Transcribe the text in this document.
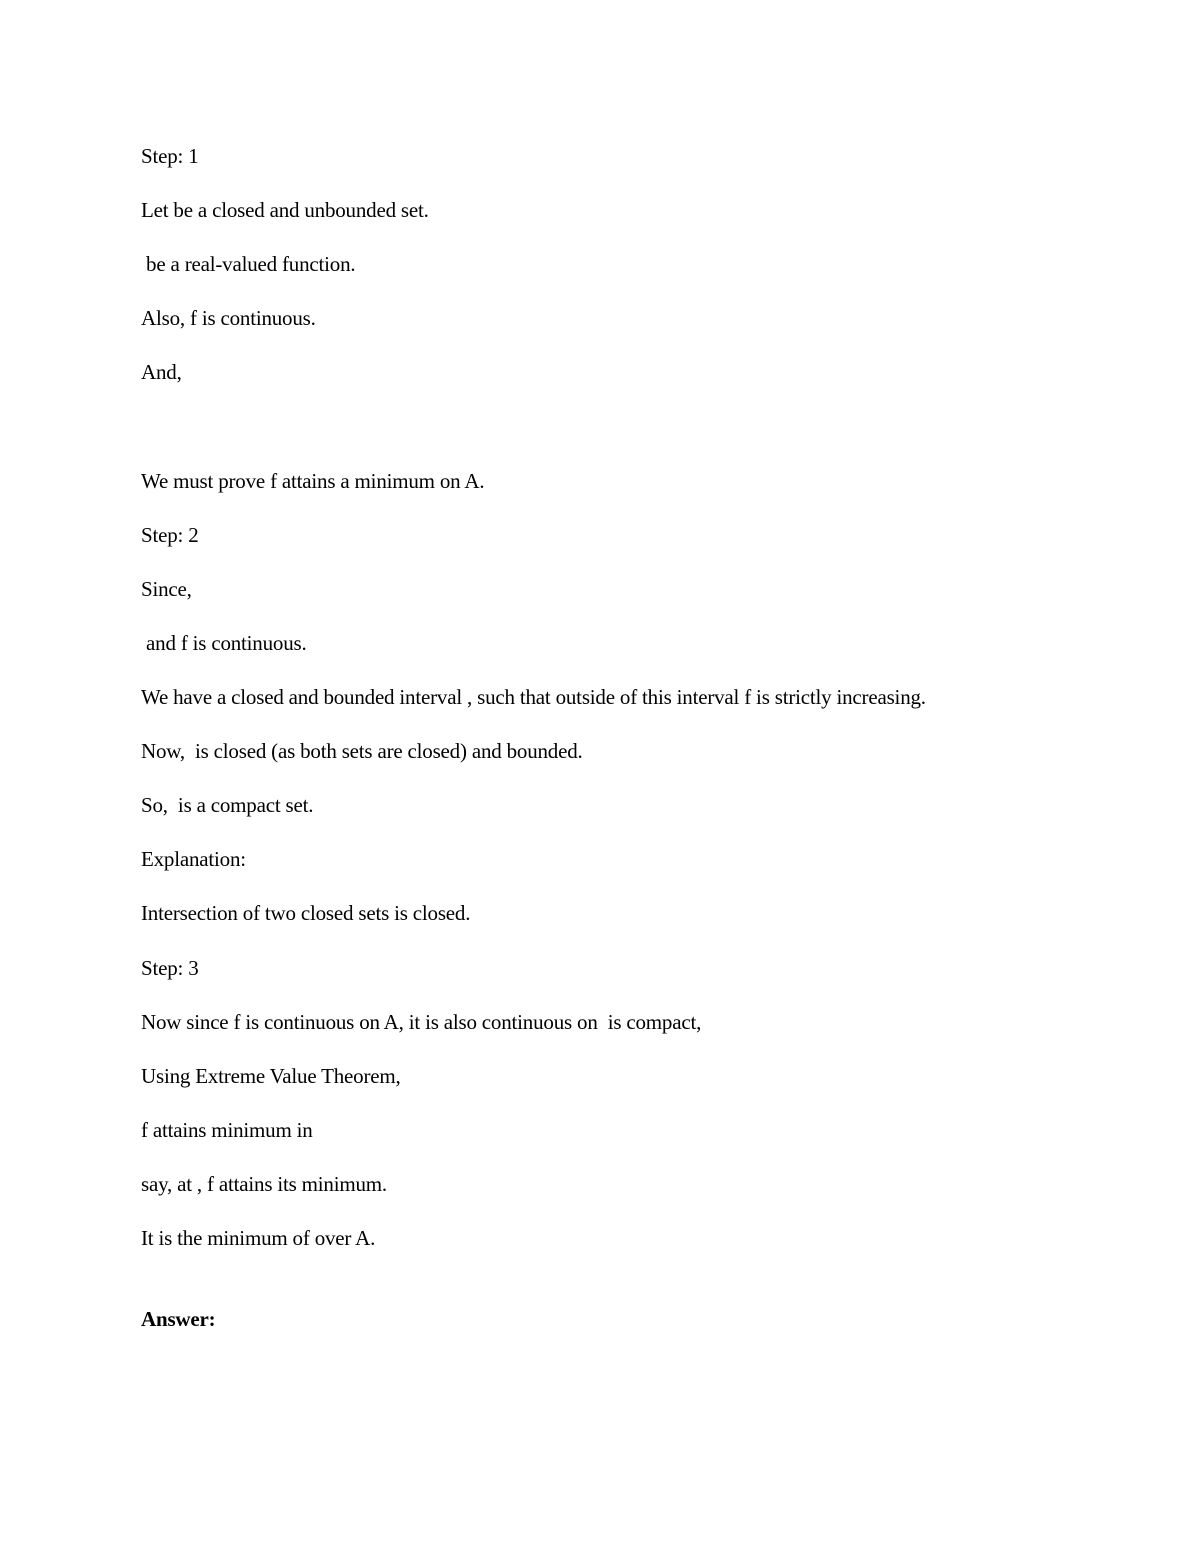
Step: 1
Let be a closed and unbounded set.
be a real-valued function.
Also, f is continuous.
And,
We must prove f attains a minimum on A.
Step: 2
Since,
and f is continuous.
We have a closed and bounded interval , such that outside of this interval f is strictly increasing.
Now,  is closed (as both sets are closed) and bounded.
So,  is a compact set.
Explanation:
Intersection of two closed sets is closed.
Step: 3
Now since f is continuous on A, it is also continuous on  is compact,
Using Extreme Value Theorem,
f attains minimum in
say, at , f attains its minimum.
It is the minimum of over A.
Answer:
